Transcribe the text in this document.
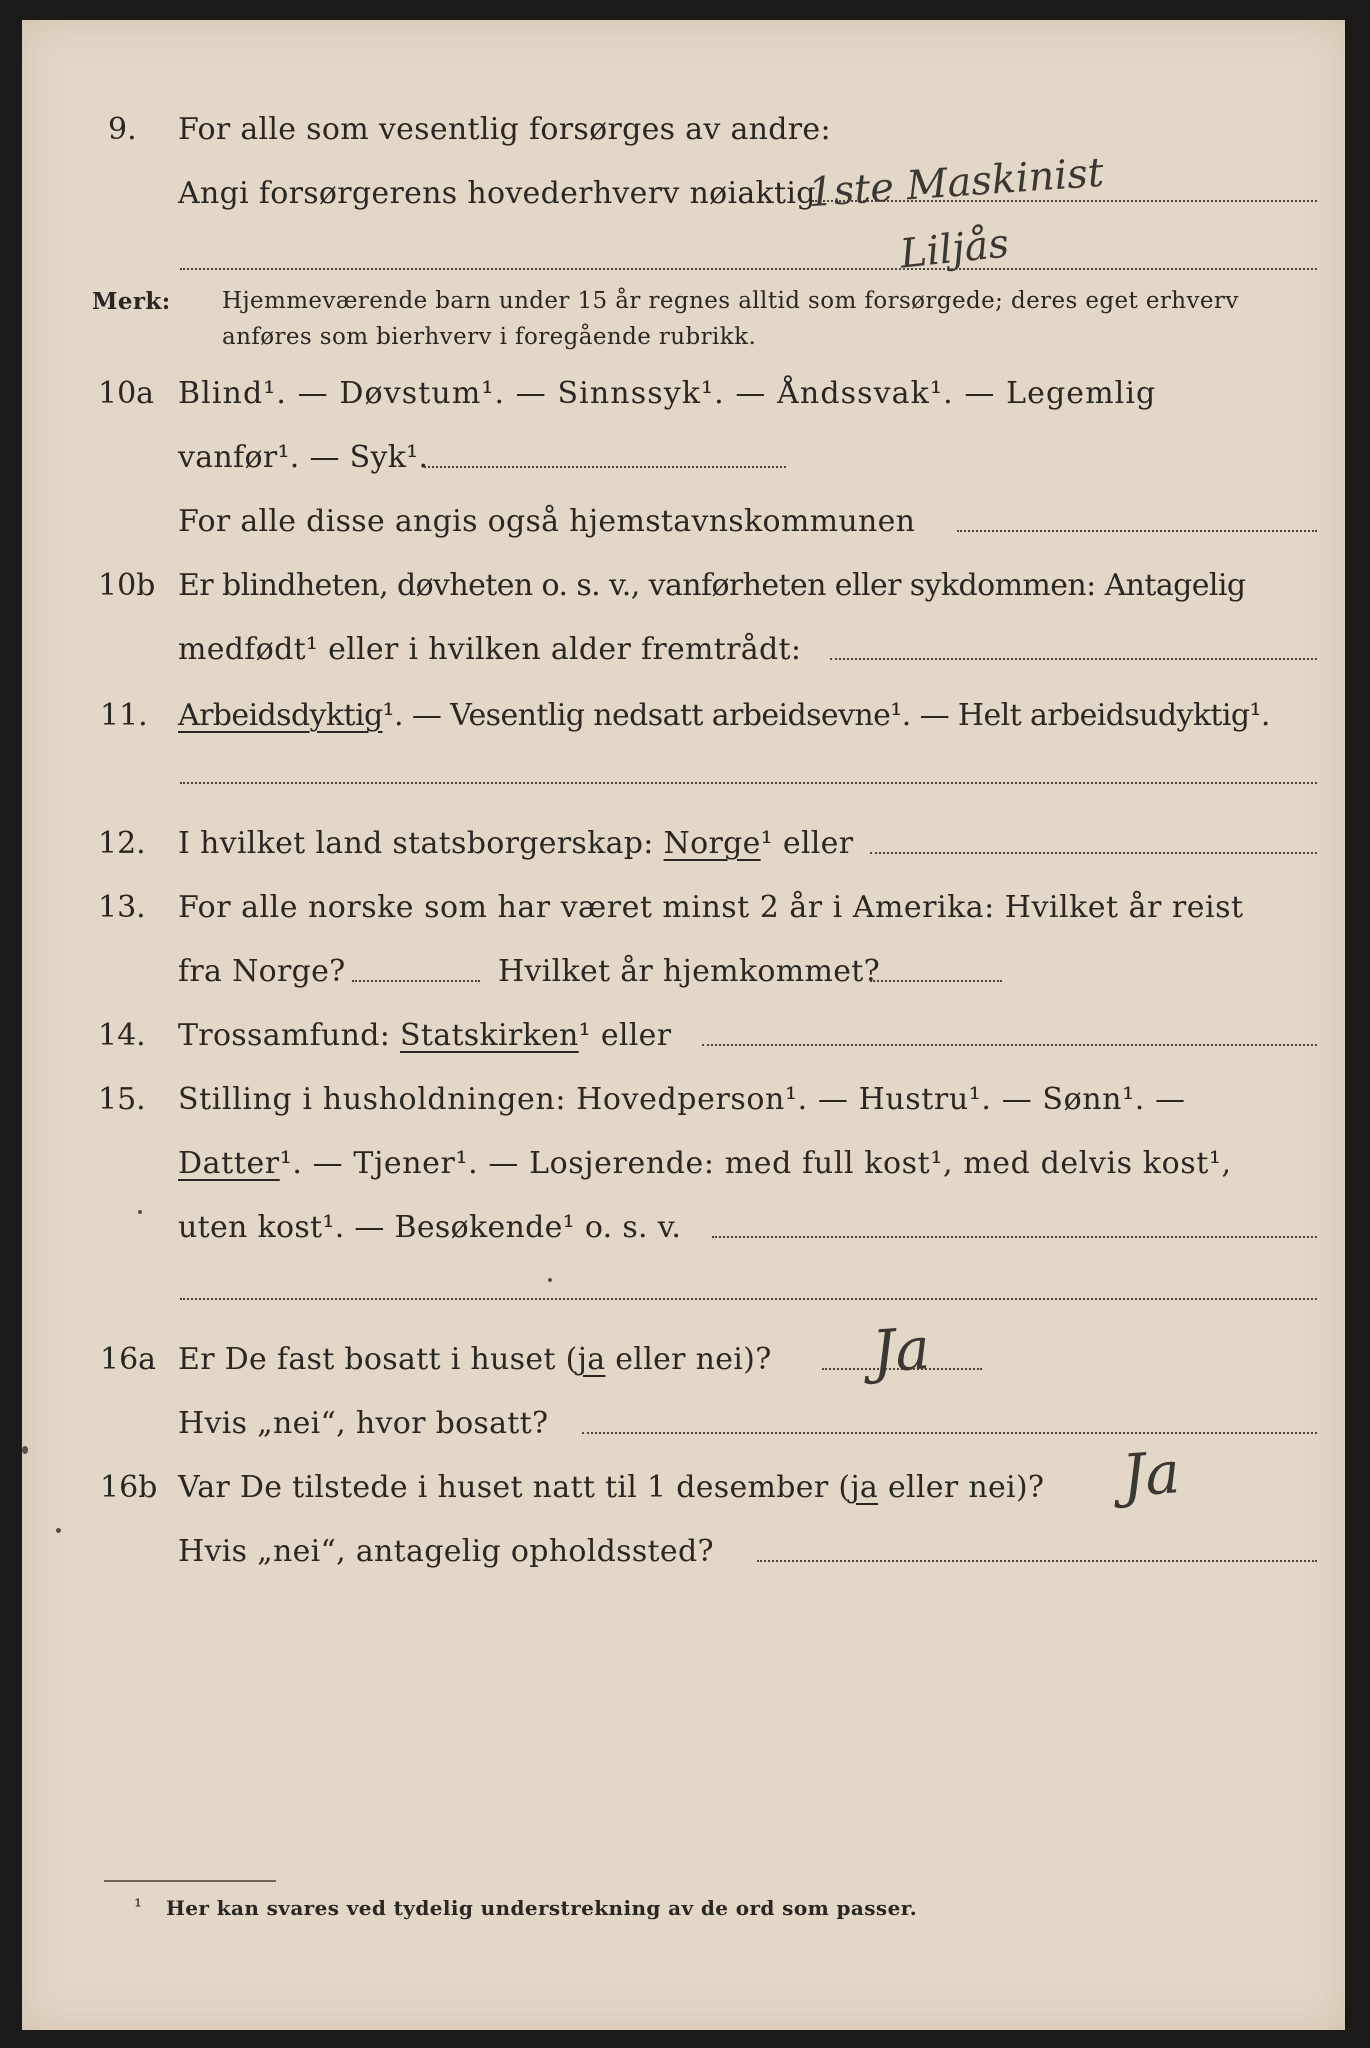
9. For alle som vesentlig forsørges av andre:
Angi forsørgerens hovederhverv nøiaktig
1ste Maskinist
Liljås
Merk: Hjemmeværende barn under 15 år regnes alltid som forsørgede; deres eget erhverv
anføres som bierhverv i foregående rubrikk.
10a Blind¹. — Døvstum¹. — Sinnssyk¹. — Åndssvak¹. — Legemlig
vanfør¹. — Syk¹.
For alle disse angis også hjemstavnskommunen
10b Er blindheten, døvheten o. s. v., vanførheten eller sykdommen: Antagelig
medfødt¹ eller i hvilken alder fremtrådt:
11. Arbeidsdyktig¹. — Vesentlig nedsatt arbeidsevne¹. — Helt arbeidsudyktig¹.
12. I hvilket land statsborgerskap: Norge¹ eller
13. For alle norske som har været minst 2 år i Amerika: Hvilket år reist
fra Norge?	Hvilket år hjemkommet?
14. Trossamfund: Statskirken¹ eller
15. Stilling i husholdningen: Hovedperson¹. — Hustru¹. — Sønn¹. —
Datter¹. — Tjener¹. — Losjerende: med full kost¹, med delvis kost¹,
uten kost¹. — Besøkende¹ o. s. v.
16a Er De fast bosatt i huset (ja eller nei)? Ja
Hvis „nei“, hvor bosatt?
16b Var De tilstede i huset natt til 1 desember (ja eller nei)? Ja
Hvis „nei“, antagelig opholdssted?
¹ Her kan svares ved tydelig understrekning av de ord som passer.
